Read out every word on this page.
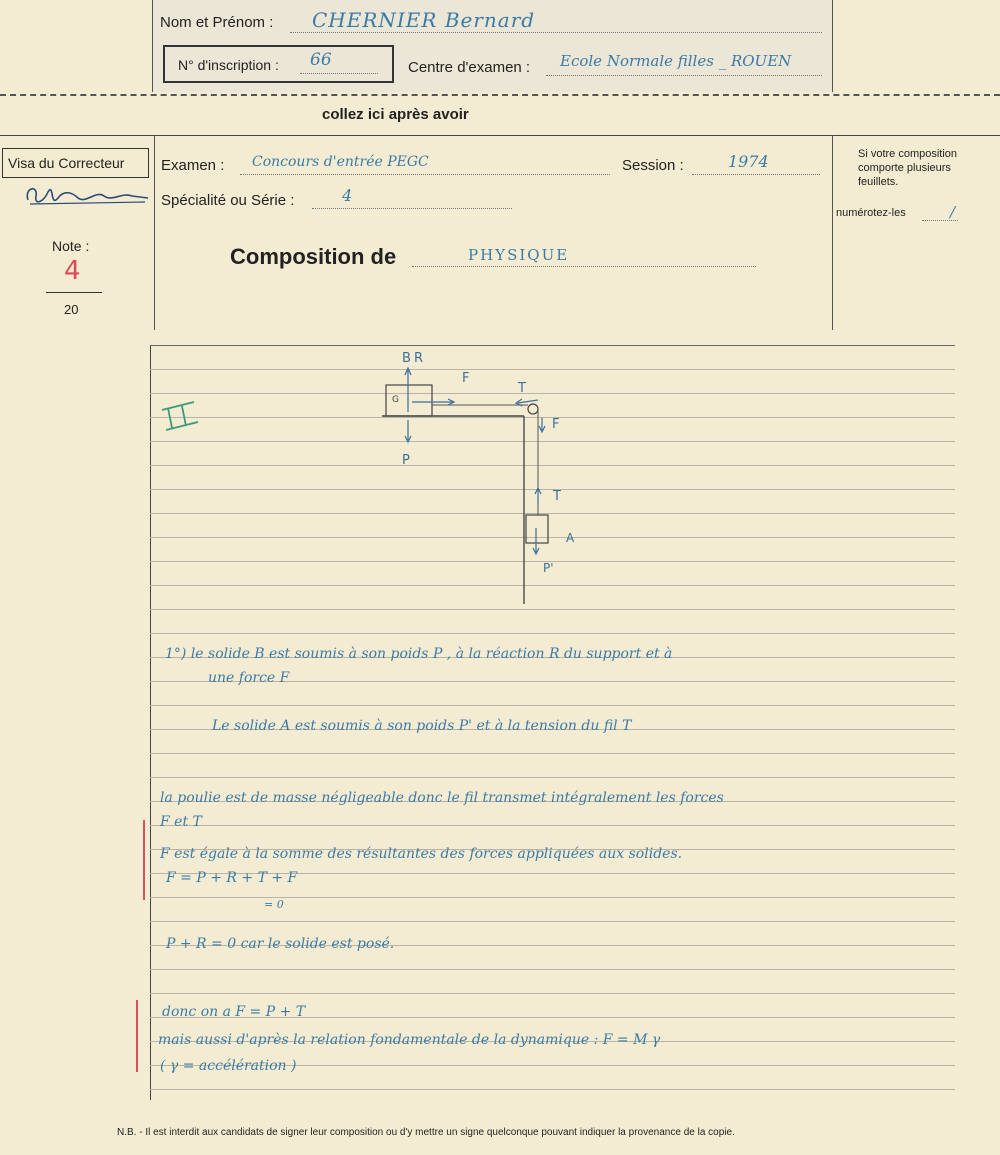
Nom et Prénom : CHERNIER Bernard
N° d'inscription : 66	Centre d'examen : Ecole Normale filles _ ROUEN
collez ici après avoir
Visa du Correcteur
Note :
4
20
Examen : Concours d'entrée PEGC	Session :	1974
Spécialité ou Série :	4
Composition de	PHYSIQUE
Si votre composition
comporte plusieurs
feuillets.
numérotez-les	/
B R
F
T
G
F
P
T
A
P'
1°) le solide B est soumis à son poids P , à la réaction R du support et à
une force F
Le solide A est soumis à son poids P' et à la tension du fil T
la poulie est de masse négligeable donc le fil transmet intégralement les forces
F et T
F est égale à la somme des résultantes des forces appliquées aux solides.
F = P + R + T + F
= 0
P + R = 0 car le solide est posé.
donc on a F = P + T
mais aussi d'après la relation fondamentale de la dynamique : F = M γ
( γ = accélération )
N.B. - Il est interdit aux candidats de signer leur composition ou d'y mettre un signe quelconque pouvant indiquer la provenance de la copie.
